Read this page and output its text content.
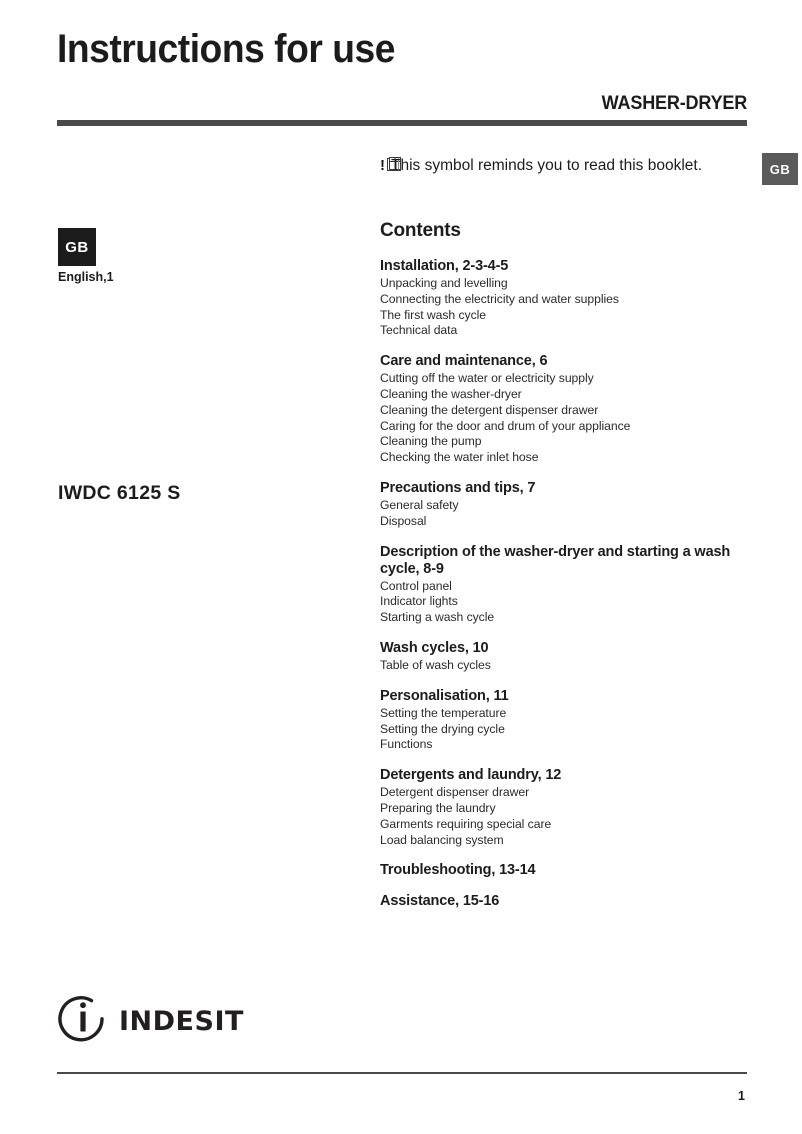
Instructions for use
WASHER-DRYER
! This symbol reminds you to read this booklet.	GB
GB
English,1
IWDC 6125 S
Contents
Installation, 2-3-4-5
Unpacking and levelling
Connecting the electricity and water supplies
The first wash cycle
Technical data
Care and maintenance, 6
Cutting off the water or electricity supply
Cleaning the washer-dryer
Cleaning the detergent dispenser drawer
Caring for the door and drum of your appliance
Cleaning the pump
Checking the water inlet hose
Precautions and tips, 7
General safety
Disposal
Description of the washer-dryer and starting a wash cycle, 8-9
Control panel
Indicator lights
Starting a wash cycle
Wash cycles, 10
Table of wash cycles
Personalisation, 11
Setting the temperature
Setting the drying cycle
Functions
Detergents and laundry, 12
Detergent dispenser drawer
Preparing the laundry
Garments requiring special care
Load balancing system
Troubleshooting, 13-14
Assistance, 15-16
indesit
1
